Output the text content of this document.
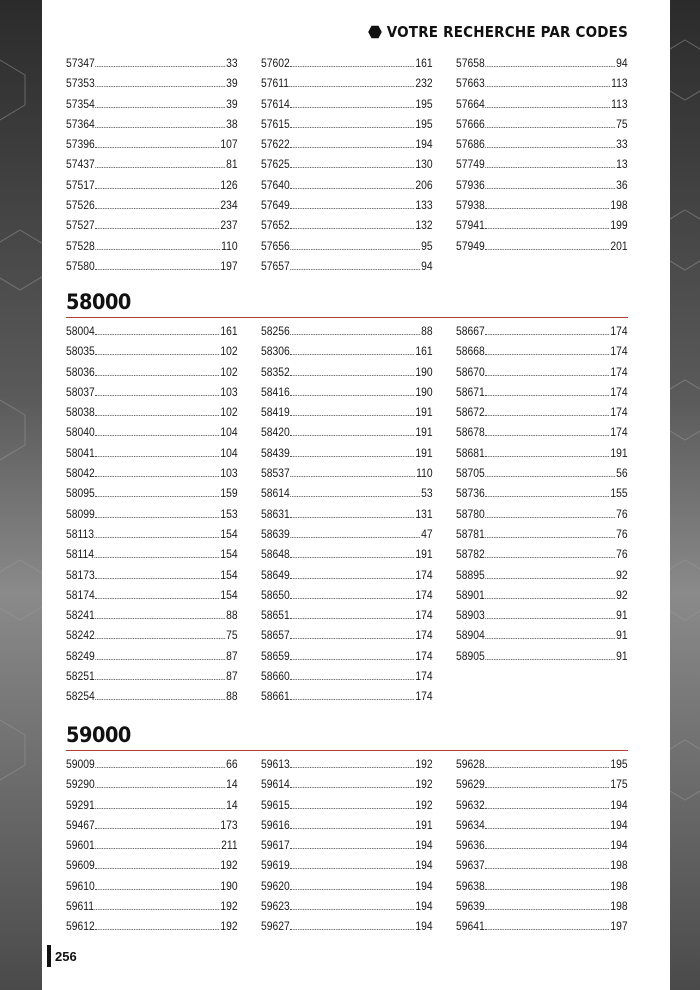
VOTRE RECHERCHE PAR CODES
57347	33
57353	39
57354	39
57364	38
57396	107
57437	81
57517	126
57526	234
57527	237
57528	110
57580	197
57602	161
57611	232
57614	195
57615	195
57622	194
57625	130
57640	206
57649	133
57652	132
57656	95
57657	94
57658	94
57663	113
57664	113
57666	75
57686	33
57749	13
57936	36
57938	198
57941	199
57949	201
58000
58004	161
58035	102
58036	102
58037	103
58038	102
58040	104
58041	104
58042	103
58095	159
58099	153
58113	154
58114	154
58173	154
58174	154
58241	88
58242	75
58249	87
58251	87
58254	88
58256	88
58306	161
58352	190
58416	190
58419	191
58420	191
58439	191
58537	110
58614	53
58631	131
58639	47
58648	191
58649	174
58650	174
58651	174
58657	174
58659	174
58660	174
58661	174
58667	174
58668	174
58670	174
58671	174
58672	174
58678	174
58681	191
58705	56
58736	155
58780	76
58781	76
58782	76
58895	92
58901	92
58903	91
58904	91
58905	91
59000
59009	66
59290	14
59291	14
59467	173
59601	211
59609	192
59610	190
59611	192
59612	192
59613	192
59614	192
59615	192
59616	191
59617	194
59619	194
59620	194
59623	194
59627	194
59628	195
59629	175
59632	194
59634	194
59636	194
59637	198
59638	198
59639	198
59641	197
256
